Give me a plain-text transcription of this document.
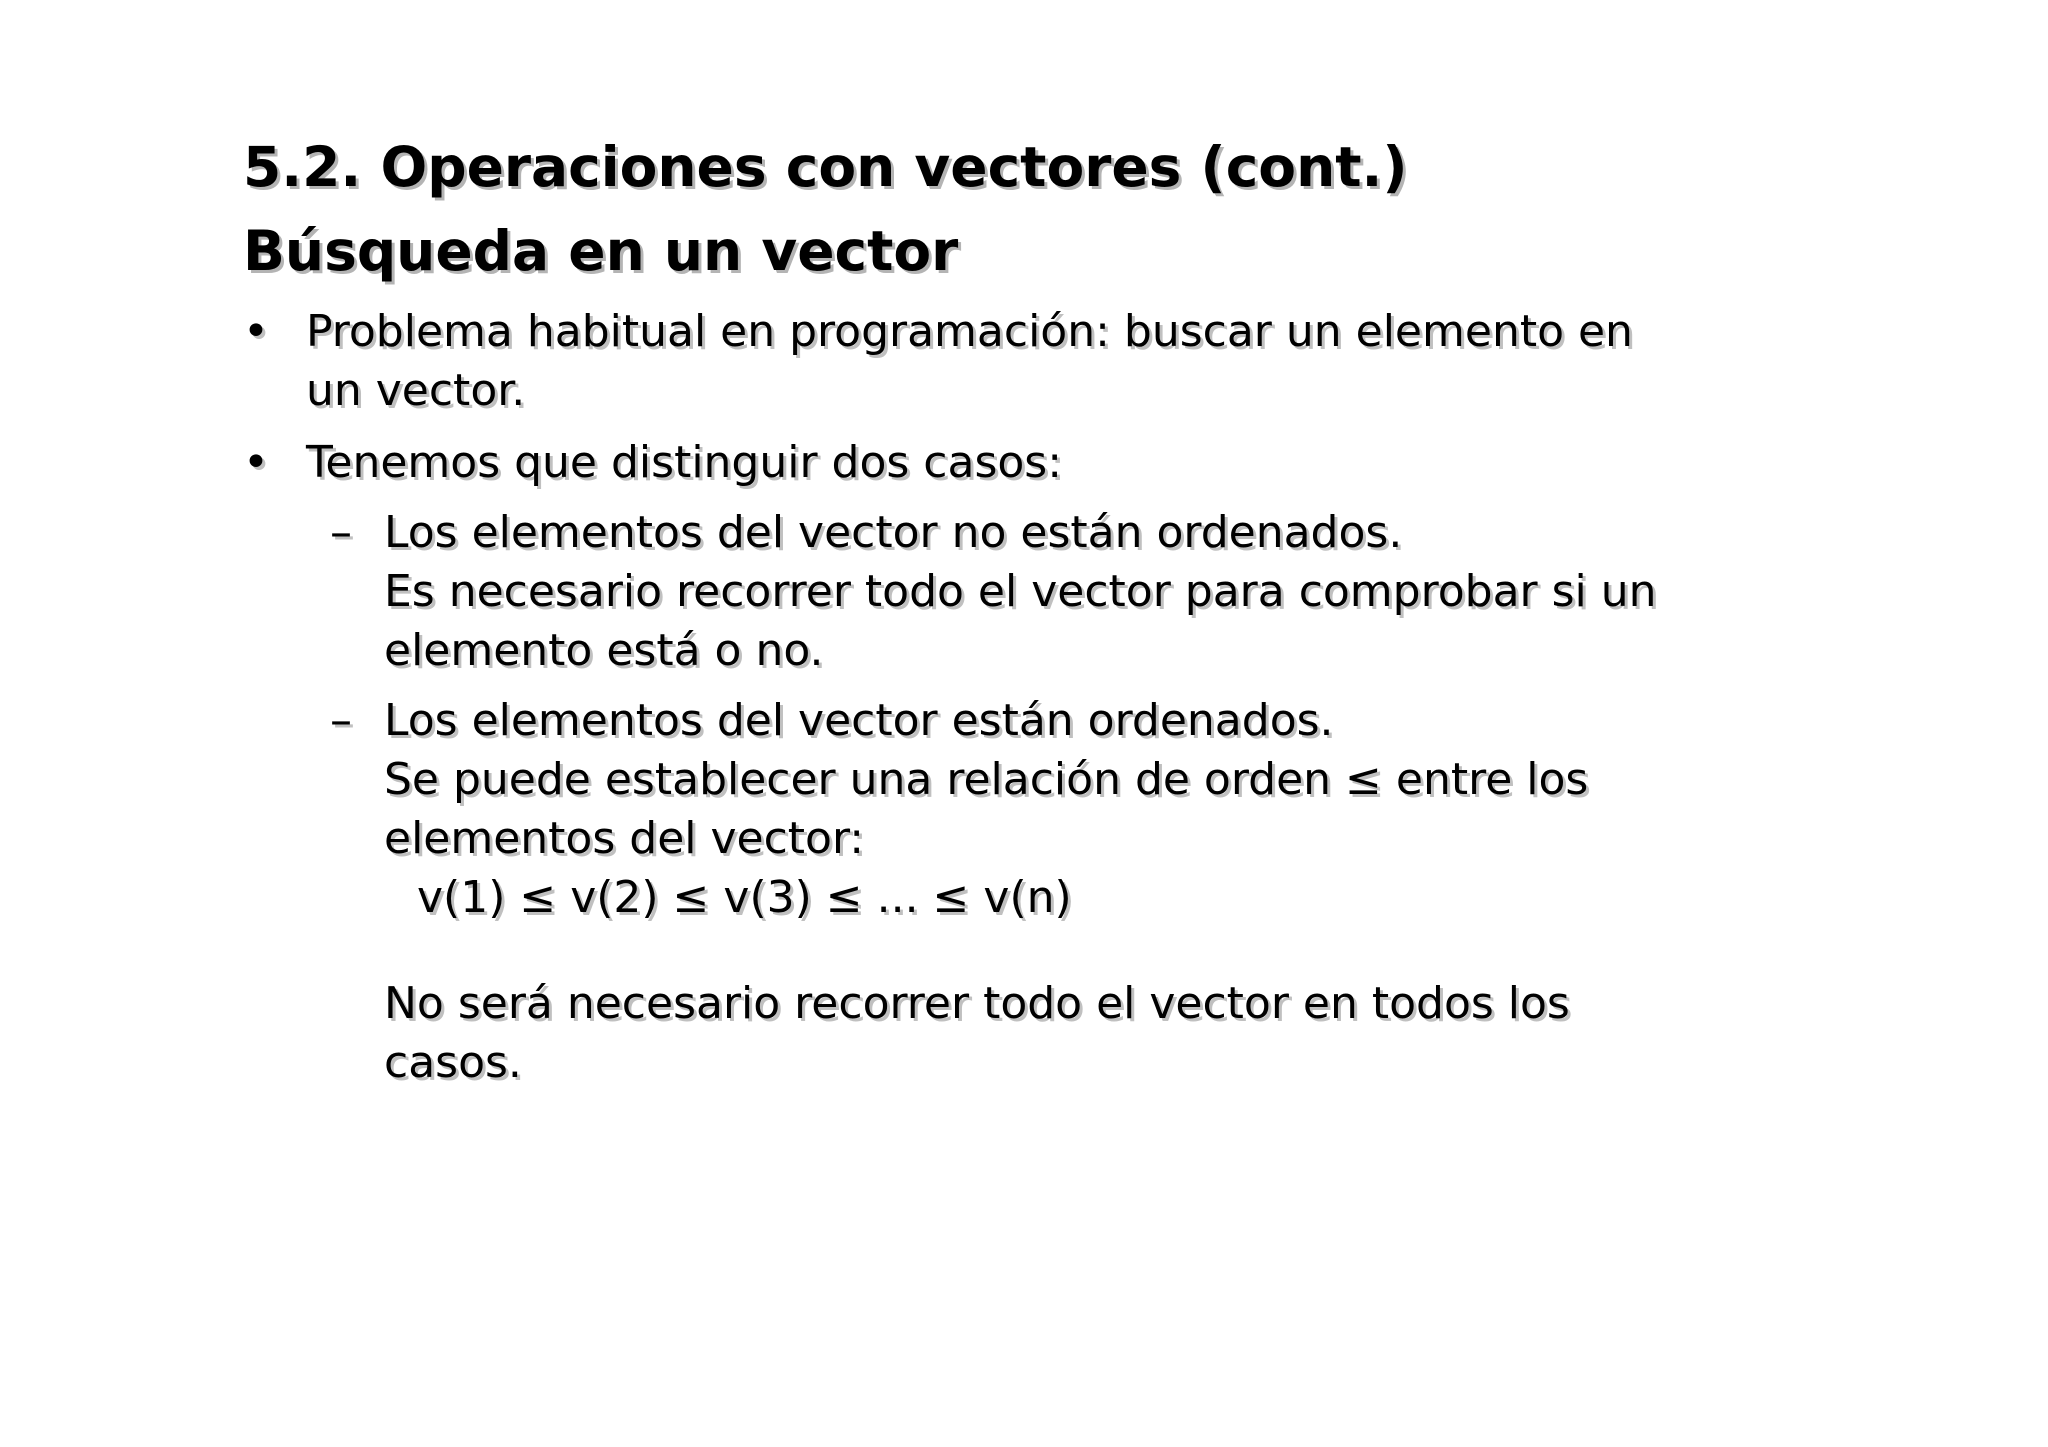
5.2. Operaciones con vectores (cont.)
Búsqueda en un vector
• Problema habitual en programación: buscar un elemento en
un vector.
• Tenemos que distinguir dos casos:
– Los elementos del vector no están ordenados.
Es necesario recorrer todo el vector para comprobar si un
elemento está o no.
– Los elementos del vector están ordenados.
Se puede establecer una relación de orden ≤ entre los
elementos del vector:
v(1) ≤ v(2) ≤ v(3) ≤ ... ≤ v(n)
No será necesario recorrer todo el vector en todos los
casos.
